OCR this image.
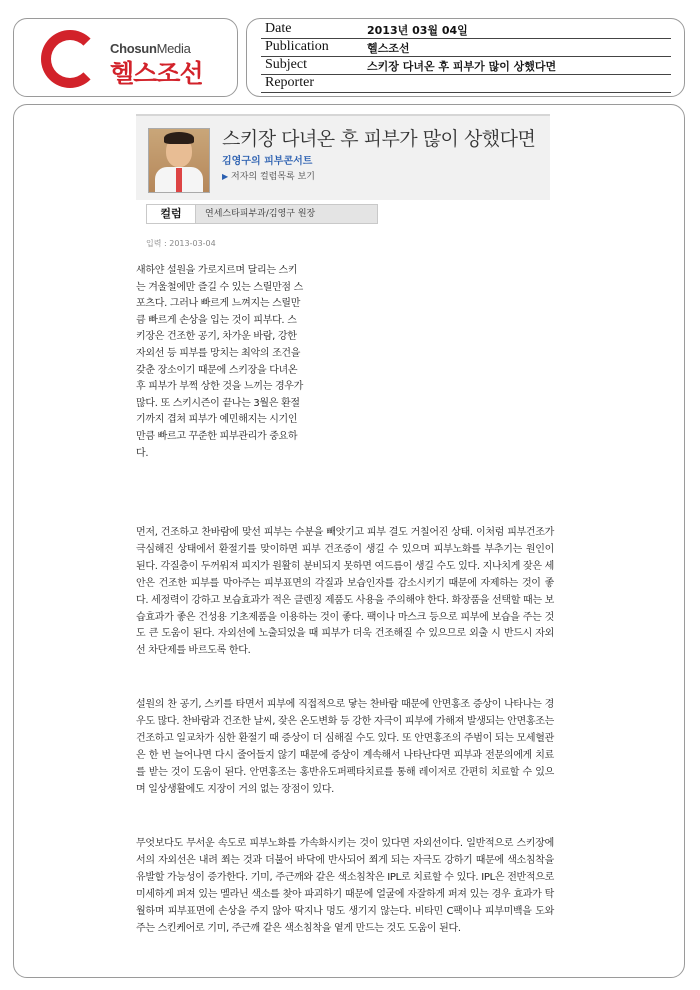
ChosunMedia
헬스조선
Date	2013년 03월 04일
Publication	헬스조선
Subject	스키장 다녀온 후 피부가 많이 상했다면
Reporter
스키장 다녀온 후 피부가 많이 상했다면
김영구의 피부콘서트
▶ 저자의 컬럼목록 보기
컬럼	연세스타피부과/김영구 원장
입력 : 2013-03-04
새하얀 설원을 가로지르며 달리는 스키는 겨울철에만 즐길 수 있는 스릴만점 스포츠다. 그러나 빠르게 느껴지는 스릴만큼 빠르게 손상을 입는 것이 피부다. 스키장은 건조한 공기, 차가운 바람, 강한 자외선 등 피부를 망치는 최악의 조건을 갖춘 장소이기 때문에 스키장을 다녀온 후 피부가 부쩍 상한 것을 느끼는 경우가 많다. 또 스키시즌이 끝나는 3월은 환절기까지 겹쳐 피부가 예민해지는 시기인 만큼 빠르고 꾸준한 피부관리가 중요하다.
먼저, 건조하고 찬바람에 맞선 피부는 수분을 빼앗기고 피부 결도 거칠어진 상태. 이처럼 피부건조가 극심해진 상태에서 환절기를 맞이하면 피부 건조증이 생길 수 있으며 피부노화를 부추기는 원인이 된다. 각질층이 두꺼워져 피지가 원활히 분비되지 못하면 여드름이 생길 수도 있다. 지나치게 잦은 세안은 건조한 피부를 막아주는 피부표면의 각질과 보습인자를 감소시키기 때문에 자제하는 것이 좋다. 세정력이 강하고 보습효과가 적은 클렌징 제품도 사용을 주의해야 한다. 화장품을 선택할 때는 보습효과가 좋은 건성용 기초제품을 이용하는 것이 좋다. 팩이나 마스크 등으로 피부에 보습을 주는 것도 큰 도움이 된다. 자외선에 노출되었을 때 피부가 더욱 건조해질 수 있으므로 외출 시 반드시 자외선 차단제를 바르도록 한다.
설원의 찬 공기, 스키를 타면서 피부에 직접적으로 닿는 찬바람 때문에 안면홍조 증상이 나타나는 경우도 많다. 찬바람과 건조한 날씨, 잦은 온도변화 등 강한 자극이 피부에 가해져 발생되는 안면홍조는 건조하고 일교차가 심한 환절기 때 증상이 더 심해질 수도 있다. 또 안면홍조의 주범이 되는 모세혈관은 한 번 늘어나면 다시 줄어들지 않기 때문에 증상이 계속해서 나타난다면 피부과 전문의에게 치료를 받는 것이 도움이 된다. 안면홍조는 홍반유도퍼펙타치료를 통해 레이저로 간편히 치료할 수 있으며 일상생활에도 지장이 거의 없는 장점이 있다.
무엇보다도 무서운 속도로 피부노화를 가속화시키는 것이 있다면 자외선이다. 일반적으로 스키장에서의 자외선은 내려 쬐는 것과 더불어 바닥에 반사되어 쬐게 되는 자극도 강하기 때문에 색소침착을 유발할 가능성이 증가한다. 기미, 주근깨와 같은 색소침착은 IPL로 치료할 수 있다. IPL은 전반적으로 미세하게 퍼져 있는 멜라닌 색소를 찾아 파괴하기 때문에 얼굴에 자잘하게 퍼져 있는 경우 효과가 탁월하며 피부표면에 손상을 주지 않아 딱지나 멍도 생기지 않는다. 비타민 C팩이나 피부미백을 도와주는 스킨케어로 기미, 주근깨 같은 색소침착을 옅게 만드는 것도 도움이 된다.
